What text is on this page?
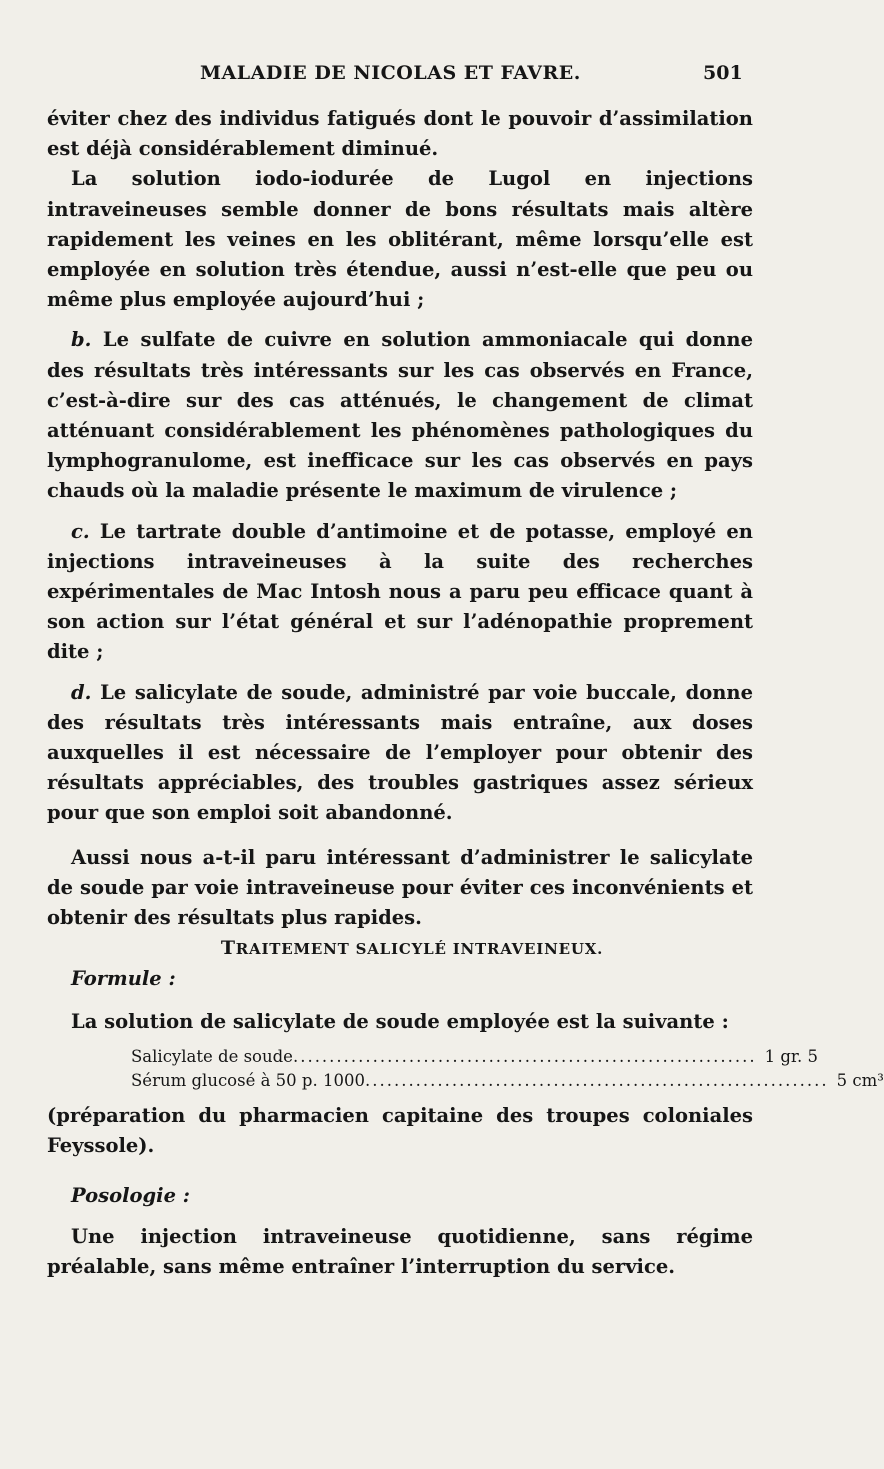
MALADIE DE NICOLAS ET FAVRE.	501

éviter chez des individus fatigués dont le pouvoir d’assimilation est déjà considérablement diminué.

La solution iodo-iodurée de Lugol en injections intraveineuses semble donner de bons résultats mais altère rapidement les veines en les oblitérant, même lorsqu’elle est employée en solution très étendue, aussi n’est-elle que peu ou même plus employée aujourd’hui ;

b. Le sulfate de cuivre en solution ammoniacale qui donne des résultats très intéressants sur les cas observés en France, c’est-à-dire sur des cas atténués, le changement de climat atténuant considérablement les phénomènes pathologiques du lymphogranulome, est inefficace sur les cas observés en pays chauds où la maladie présente le maximum de virulence ;

c. Le tartrate double d’antimoine et de potasse, employé en injections intraveineuses à la suite des recherches expérimentales de Mac Intosh nous a paru peu efficace quant à son action sur l’état général et sur l’adénopathie proprement dite ;

d. Le salicylate de soude, administré par voie buccale, donne des résultats très intéressants mais entraîne, aux doses auxquelles il est nécessaire de l’employer pour obtenir des résultats appréciables, des troubles gastriques assez sérieux pour que son emploi soit abandonné.

Aussi nous a-t-il paru intéressant d’administrer le salicylate de soude par voie intraveineuse pour éviter ces inconvénients et obtenir des résultats plus rapides.

TRAITEMENT SALICYLÉ INTRAVEINEUX.

Formule :

La solution de salicylate de soude employée est la suivante :

Salicylate de soude ................................................................ 1 gr. 5
Sérum glucosé à 50 p. 1000 ................................................................ 5 cm³

(préparation du pharmacien capitaine des troupes coloniales Feyssole).

Posologie :

Une injection intraveineuse quotidienne, sans régime préalable, sans même entraîner l’interruption du service.
